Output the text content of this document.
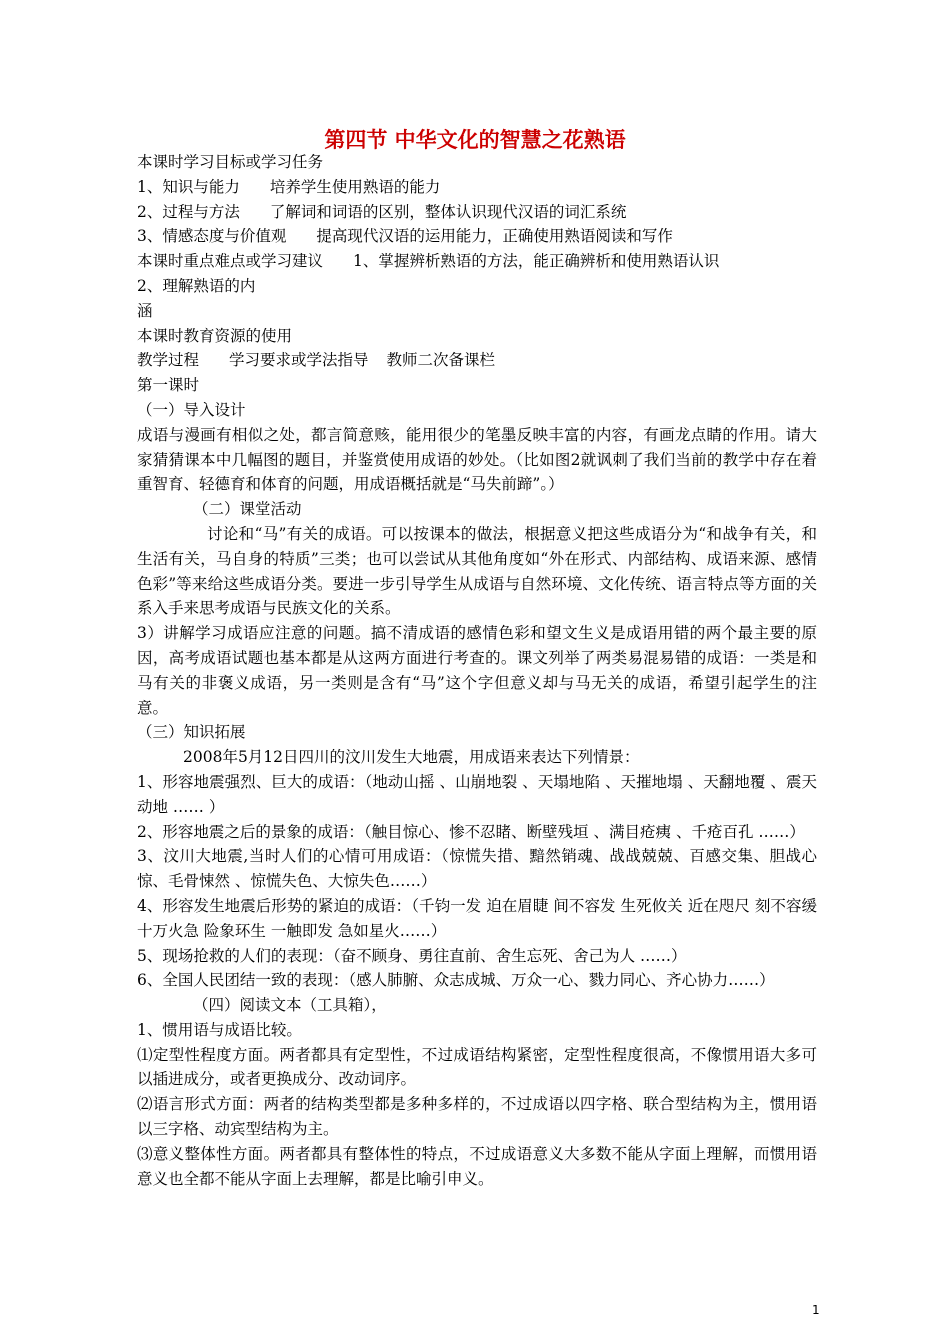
第四节 中华文化的智慧之花熟语

本课时学习目标或学习任务

1、知识与能力 培养学生使用熟语的能力

2、过程与方法 了解词和词语的区别，整体认识现代汉语的词汇系统

3、情感态度与价值观 提高现代汉语的运用能力，正确使用熟语阅读和写作

本课时重点难点或学习建议 1、掌握辨析熟语的方法，能正确辨析和使用熟语认识

2、理解熟语的内

涵

本课时教育资源的使用

教学过程 学习要求或学法指导 教师二次备课栏

第一课时

（一）导入设计

成语与漫画有相似之处，都言简意赅，能用很少的笔墨反映丰富的内容，有画龙点睛的作用。请大家猜猜课本中几幅图的题目，并鉴赏使用成语的妙处。（比如图2就讽刺了我们当前的教学中存在着重智育、轻德育和体育的问题，用成语概括就是“马失前蹄”。）

（二）课堂活动

讨论和“马”有关的成语。可以按课本的做法，根据意义把这些成语分为“和战争有关，和生活有关，马自身的特质”三类；也可以尝试从其他角度如“外在形式、内部结构、成语来源、感情色彩”等来给这些成语分类。要进一步引导学生从成语与自然环境、文化传统、语言特点等方面的关系入手来思考成语与民族文化的关系。

3）讲解学习成语应注意的问题。搞不清成语的感情色彩和望文生义是成语用错的两个最主要的原因，高考成语试题也基本都是从这两方面进行考查的。课文列举了两类易混易错的成语：一类是和马有关的非褒义成语，另一类则是含有“马”这个字但意义却与马无关的成语，希望引起学生的注意。

（三）知识拓展

2008年5月12日四川的汶川发生大地震，用成语来表达下列情景：

1、形容地震强烈、巨大的成语：（地动山摇 、山崩地裂 、天塌地陷 、天摧地塌 、天翻地覆 、震天动地 …… ）

2、形容地震之后的景象的成语：（触目惊心、惨不忍睹、断壁残垣 、满目疮痍 、千疮百孔 ……）

3、汶川大地震,当时人们的心情可用成语：（惊慌失措、黯然销魂、战战兢兢、百感交集、胆战心惊、毛骨悚然 、惊慌失色、大惊失色……）

4、形容发生地震后形势的紧迫的成语：（千钧一发 迫在眉睫 间不容发 生死攸关 近在咫尺 刻不容缓 十万火急 险象环生 一触即发 急如星火……）

5、现场抢救的人们的表现：（奋不顾身、勇往直前、舍生忘死、舍己为人 ……）

6、全国人民团结一致的表现：（感人肺腑、众志成城、万众一心、戮力同心、齐心协力……）

（四）阅读文本（工具箱），

1、惯用语与成语比较。

⑴定型性程度方面。两者都具有定型性，不过成语结构紧密，定型性程度很高，不像惯用语大多可以插进成分，或者更换成分、改动词序。

⑵语言形式方面：两者的结构类型都是多种多样的，不过成语以四字格、联合型结构为主，惯用语以三字格、动宾型结构为主。

⑶意义整体性方面。两者都具有整体性的特点，不过成语意义大多数不能从字面上理解，而惯用语意义也全都不能从字面上去理解，都是比喻引申义。

1
